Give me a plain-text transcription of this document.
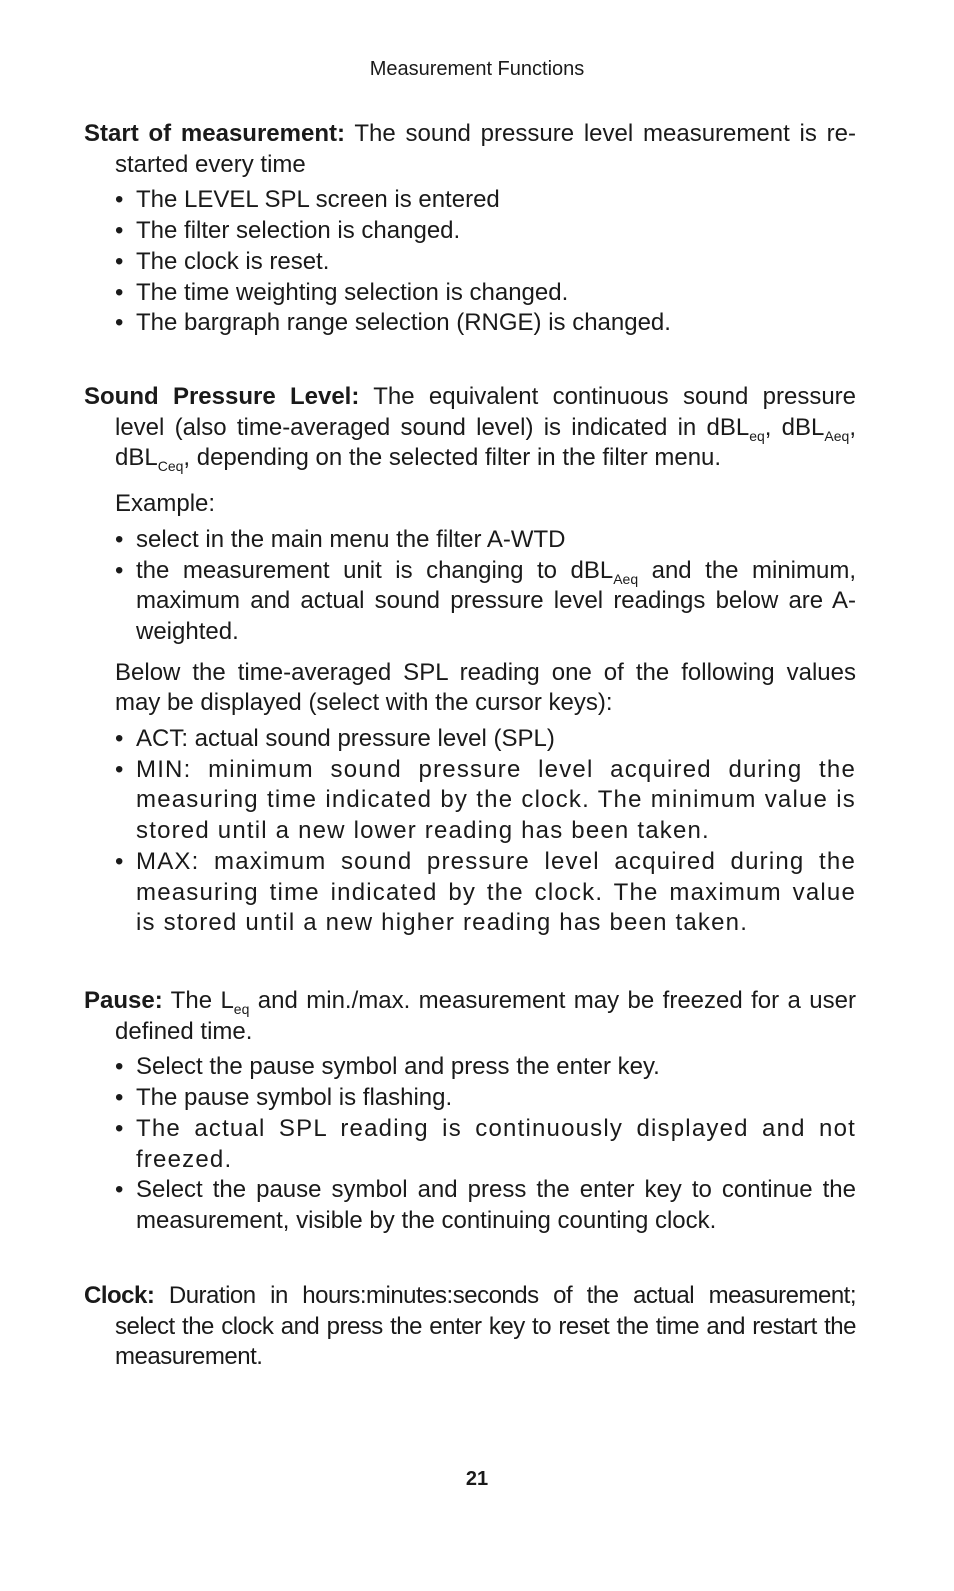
Measurement Functions

Start of measurement: The sound pressure level measurement is re-started every time

• The LEVEL SPL screen is entered
• The filter selection is changed.
• The clock is reset.
• The time weighting selection is changed.
• The bargraph range selection (RNGE) is changed.

Sound Pressure Level: The equivalent continuous sound pressure level (also time-averaged sound level) is indicated in dBL$_{eq}$, dBL$_{Aeq}$, dBL$_{Ceq}$, depending on the selected filter in the filter menu.

Example:

• select in the main menu the filter A-WTD
• the measurement unit is changing to dBL$_{Aeq}$ and the minimum, maximum and actual sound pressure level readings below are A-weighted.

Below the time-averaged SPL reading one of the following values may be displayed (select with the cursor keys):

• ACT: actual sound pressure level (SPL)
• MIN: minimum sound pressure level acquired during the measuring time indicated by the clock. The minimum value is stored until a new lower reading has been taken.
• MAX: maximum sound pressure level acquired during the measuring time indicated by the clock. The maximum value is stored until a new higher reading has been taken.

Pause: The $L_{eq}$ and min./max. measurement may be freezed for a user defined time.

• Select the pause symbol and press the enter key.
• The pause symbol is flashing.
• The actual SPL reading is continuously displayed and not freezed.
• Select the pause symbol and press the enter key to continue the measurement, visible by the continuing counting clock.

Clock: Duration in hours:minutes:seconds of the actual measurement; select the clock and press the enter key to reset the time and restart the measurement.

21
